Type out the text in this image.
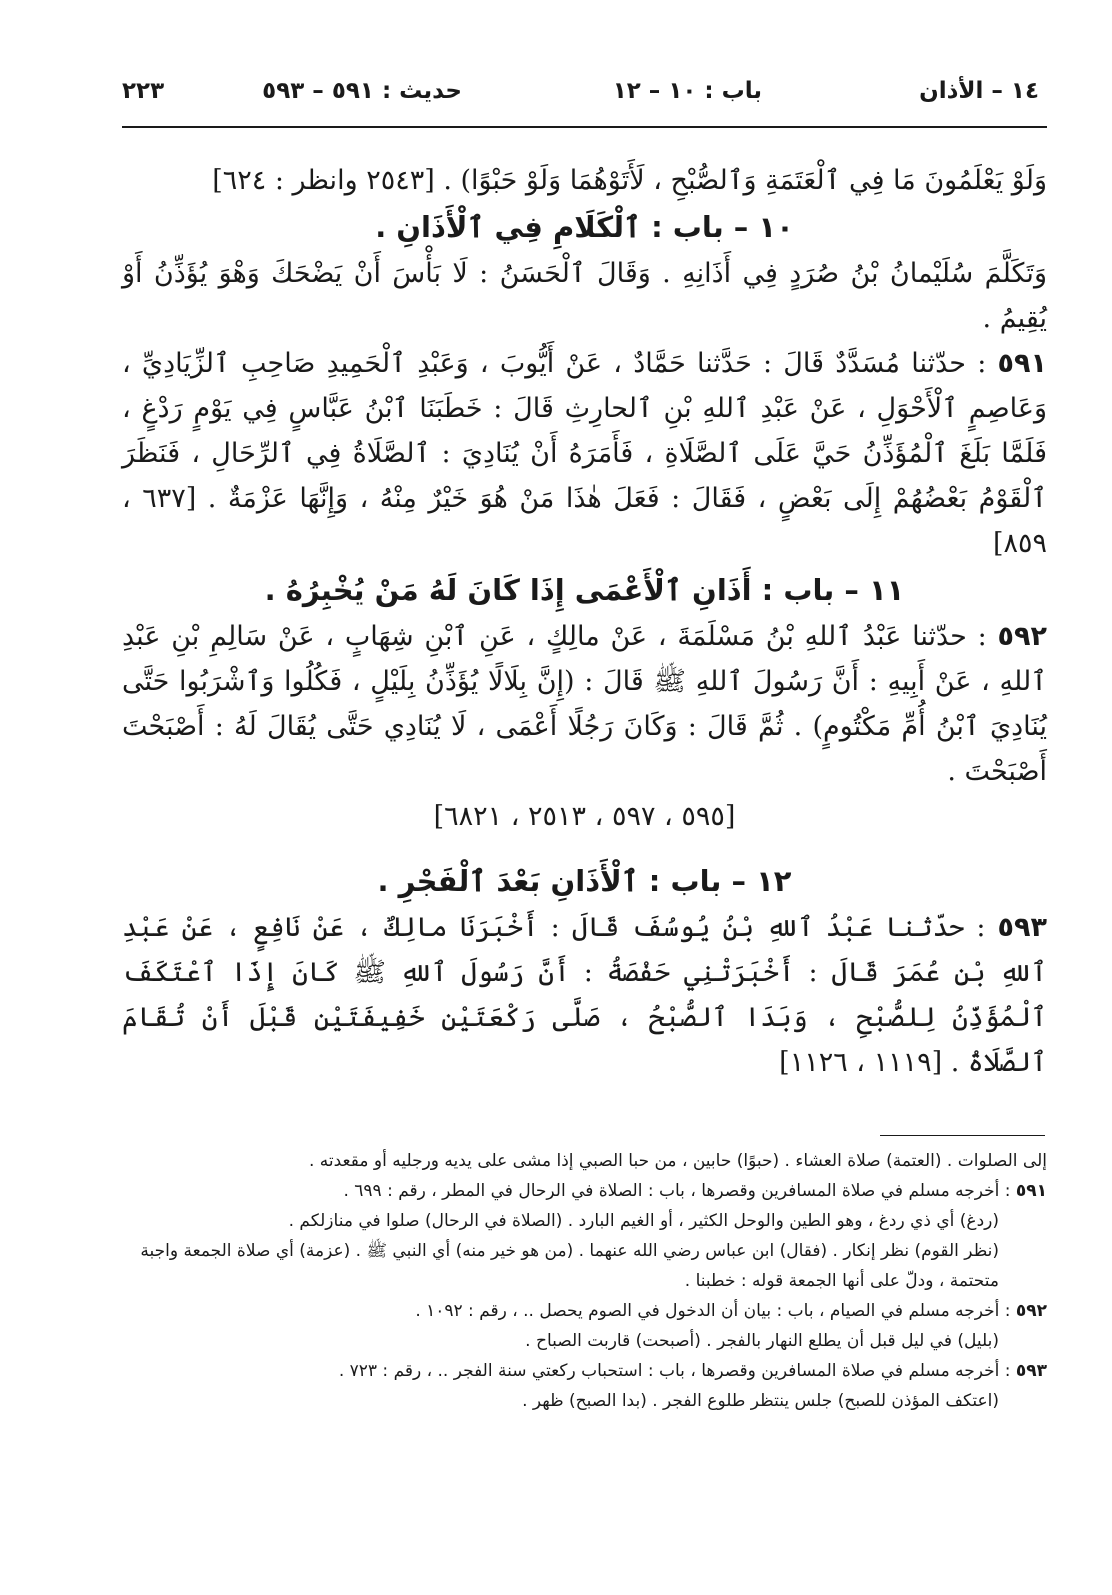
١٤ – الأذان
باب : ١٠ – ١٢
حديث : ٥٩١ – ٥٩٣
٢٢٣

وَلَوْ يَعْلَمُونَ مَا فِي ٱلْعَتَمَةِ وَٱلصُّبْحِ ، لَأَتَوْهُمَا وَلَوْ حَبْوًا) . [٢٥٤٣ وانظر : ٦٢٤]

١٠ – باب : ٱلْكَلَامِ فِي ٱلْأَذَانِ .

وَتَكَلَّمَ سُلَيْمانُ بْنُ صُرَدٍ فِي أَذَانِهِ . وَقَالَ ٱلْحَسَنُ : لَا بَأْسَ أَنْ يَضْحَكَ وَهْوَ يُؤَذِّنُ أَوْ يُقِيمُ .

٥٩١ : حدّثنا مُسَدَّدٌ قَالَ : حَدَّثنا حَمَّادٌ ، عَنْ أَيُّوبَ ، وَعَبْدِ ٱلْحَمِيدِ صَاحِبِ ٱلزِّيَادِيِّ ، وَعَاصِمٍ ٱلْأَحْوَلِ ، عَنْ عَبْدِ ٱللهِ بْنِ ٱلحارِثِ قَالَ : خَطَبَنَا ٱبْنُ عَبَّاسٍ فِي يَوْمٍ رَدْغٍ ، فَلَمَّا بَلَغَ ٱلْمُؤَذِّنُ حَيَّ عَلَى ٱلصَّلَاةِ ، فَأَمَرَهُ أَنْ يُنَادِيَ : ٱلصَّلَاةُ فِي ٱلرِّحَالِ ، فَنَظَرَ ٱلْقَوْمُ بَعْضُهُمْ إِلَى بَعْضٍ ، فَقَالَ : فَعَلَ هٰذَا مَنْ هُوَ خَيْرٌ مِنْهُ ، وَإِنَّهَا عَزْمَةٌ . [٦٣٧ ، ٨٥٩]

١١ – باب : أَذَانِ ٱلْأَعْمَى إِذَا كَانَ لَهُ مَنْ يُخْبِرُهُ .

٥٩٢ : حدّثنا عَبْدُ ٱللهِ بْنُ مَسْلَمَةَ ، عَنْ مالِكٍ ، عَنِ ٱبْنِ شِهَابٍ ، عَنْ سَالِمِ بْنِ عَبْدِ ٱللهِ ، عَنْ أَبِيهِ : أَنَّ رَسُولَ ٱللهِ ﷺ قَالَ : (إِنَّ بِلَالًا يُؤَذِّنُ بِلَيْلٍ ، فَكُلُوا وَٱشْرَبُوا حَتَّى يُنَادِيَ ٱبْنُ أُمِّ مَكْتُومٍ) . ثُمَّ قَالَ : وَكَانَ رَجُلًا أَعْمَى ، لَا يُنَادِي حَتَّى يُقَالَ لَهُ : أَصْبَحْتَ أَصْبَحْتَ .

[٥٩٥ ، ٥٩٧ ، ٢٥١٣ ، ٦٨٢١]

١٢ – باب : ٱلْأَذَانِ بَعْدَ ٱلْفَجْرِ .

٥٩٣ : حدّثنا عَبْدُ ٱللهِ بْنُ يُوسُفَ قَالَ : أَخْبَرَنَا مالِكٌ ، عَنْ نَافِعٍ ، عَنْ عَبْدِ ٱللهِ بْنِ عُمَرَ قَالَ : أَخْبَرَتْنِي حَفْصَةُ : أَنَّ رَسُولَ ٱللهِ ﷺ كَانَ إِذَا ٱعْتَكَفَ ٱلْمُؤَذِّنُ لِلصُّبْحِ ، وَبَدَا ٱلصُّبْحُ ، صَلَّى رَكْعَتَيْنِ خَفِيفَتَيْنِ قَبْلَ أَنْ تُقَامَ ٱلصَّلَاةُ . [١١١٩ ، ١١٢٦]

إلى الصلوات . (العتمة) صلاة العشاء . (حبوًا) حابين ، من حبا الصبي إذا مشى على يديه ورجليه أو مقعدته .

٥٩١ : أخرجه مسلم في صلاة المسافرين وقصرها ، باب : الصلاة في الرحال في المطر ، رقم : ٦٩٩ .

(ردغ) أي ذي ردغ ، وهو الطين والوحل الكثير ، أو الغيم البارد . (الصلاة في الرحال) صلوا في منازلكم .

(نظر القوم) نظر إنكار . (فقال) ابن عباس رضي الله عنهما . (من هو خير منه) أي النبي ﷺ . (عزمة) أي صلاة الجمعة واجبة متحتمة ، ودلّ على أنها الجمعة قوله : خطبنا .

٥٩٢ : أخرجه مسلم في الصيام ، باب : بيان أن الدخول في الصوم يحصل .. ، رقم : ١٠٩٢ .

(بليل) في ليل قبل أن يطلع النهار بالفجر . (أصبحت) قاربت الصباح .

٥٩٣ : أخرجه مسلم في صلاة المسافرين وقصرها ، باب : استحباب ركعتي سنة الفجر .. ، رقم : ٧٢٣ .

(اعتكف المؤذن للصبح) جلس ينتظر طلوع الفجر . (بدا الصبح) ظهر .
